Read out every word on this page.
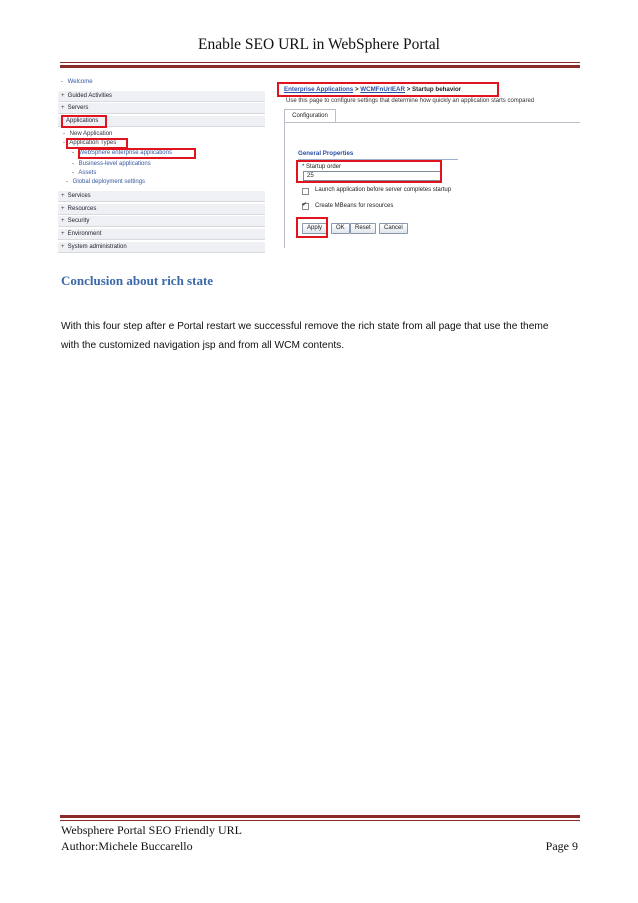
Enable SEO URL in WebSphere Portal
- Welcome
+ Guided Activities
+ Servers
Applications
- New Application
- Application Types
- WebSphere enterprise applications
- Business-level applications
- Assets
- Global deployment settings
+ Services
+ Resources
+ Security
+ Environment
+ System administration
Enterprise Applications > WCMFnUrlEAR > Startup behavior
Use this page to configure settings that determine how quickly an application starts compared
Configuration
General Properties
* Startup order
25
Launch application before server completes startup
✔
Create MBeans for resources
Apply	OK	Reset	Cancel
Conclusion about rich state
With this four step after e Portal restart we successful remove the rich state from all page that use the theme with the customized navigation jsp and from all WCM contents.
Websphere Portal SEO Friendly URL
Author:Michele Buccarello	Page 9
